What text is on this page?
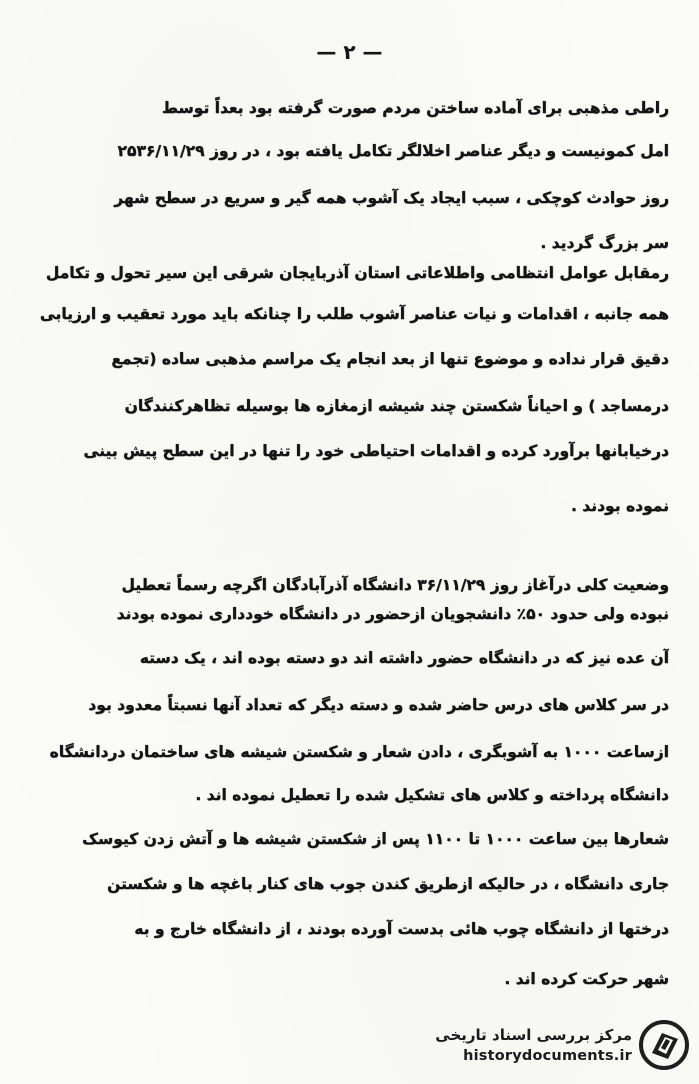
— ۲ —
راطی مذهبی برای آماده ساختن مردم صورت گرفته بود بعداً توسط
امل کمونیست و دیگر عناصر اخلالگر تکامل یافته بود ، در روز ۲۵۳۶/۱۱/۲۹
روز حوادث کوچکی ، سبب ایجاد یک آشوب همه گیر و سریع در سطح شهر
سر بزرگ گردید .
رمقابل عوامل انتظامی واطلاعاتی استان آذربایجان شرقی این سیر تحول و تکامل
همه جانبه ، اقدامات و نیات عناصر آشوب طلب را چنانکه باید مورد تعقیب و ارزیابی
دقیق قرار نداده و موضوع تنها از بعد انجام یک مراسم مذهبی ساده (تجمع
درمساجد ) و احیاناً شکستن چند شیشه ازمغازه ها بوسیله تظاهرکنندگان
درخیابانها برآورد کرده و اقدامات احتیاطی خود را تنها در این سطح پیش بینی
نموده بودند .
وضعیت کلی درآغاز روز ۳۶/۱۱/۲۹ دانشگاه آذرآبادگان اگرچه رسماً تعطیل
نبوده ولی حدود ۵۰٪ دانشجویان ازحضور در دانشگاه خودداری نموده بودند
آن عده نیز که در دانشگاه حضور داشته اند دو دسته بوده اند ، یک دسته
در سر کلاس های درس حاضر شده و دسته دیگر که تعداد آنها نسبتاً معدود بود
ازساعت ۱۰۰۰ به آشوبگری ، دادن شعار و شکستن شیشه های ساختمان دردانشگاه
دانشگاه پرداخته و کلاس های تشکیل شده را تعطیل نموده اند .
شعارها بین ساعت ۱۰۰۰ تا ۱۱۰۰ پس از شکستن شیشه ها و آتش زدن کیوسک
جاری دانشگاه ، در حالیکه ازطریق کندن جوب های کنار باغچه ها و شکستن
درختها از دانشگاه چوب هائی بدست آورده بودند ، از دانشگاه خارج و به
شهر حرکت کرده اند .
مرکز بررسی اسناد تاریخی
historydocuments.ir
